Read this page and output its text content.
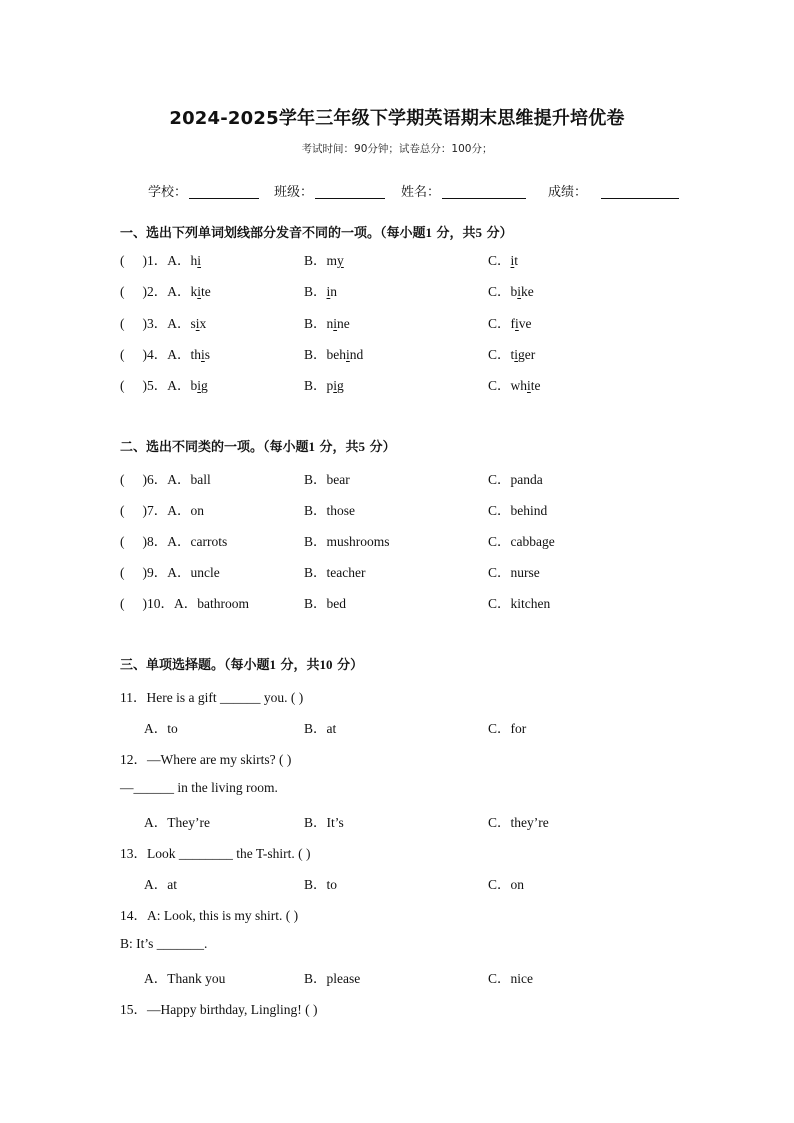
2024-2025学年三年级下学期英语期末思维提升培优卷
考试时间：90分钟；试卷总分：100分；
学校：	班级：	姓名：	成绩：
一、选出下列单词划线部分发音不同的一项。（每小题1 分，共5 分）
( )1．A．hi	B．my	C．it
( )2．A．kite	B．in	C．bike
( )3．A．six	B．nine	C．five
( )4．A．this	B．behind	C．tiger
( )5．A．big	B．pig	C．white
二、选出不同类的一项。（每小题1 分，共5 分）
( )6．A．ball	B．bear	C．panda
( )7．A．on	B．those	C．behind
( )8．A．carrots	B．mushrooms	C．cabbage
( )9．A．uncle	B．teacher	C．nurse
( )10．A．bathroom	B．bed	C．kitchen
三、单项选择题。（每小题1 分，共10 分）
11．Here is a gift ______ you. ( )
A．to	B．at	C．for
12．—Where are my skirts? ( )
—______ in the living room.
A．They’re	B．It’s	C．they’re
13．Look ________ the T-shirt. ( )
A．at	B．to	C．on
14．A: Look, this is my shirt. ( )
B: It’s _______.
A．Thank you	B．please	C．nice
15．—Happy birthday, Lingling! ( )
